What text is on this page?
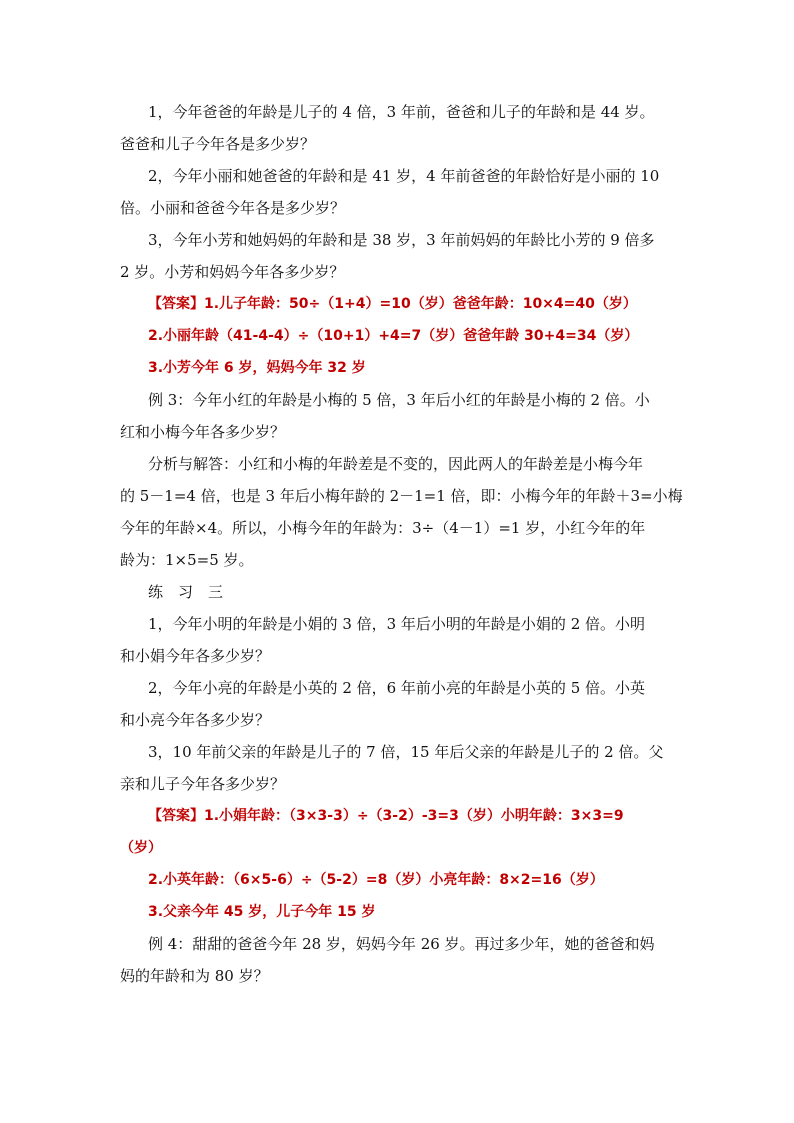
1，今年爸爸的年龄是儿子的 4 倍，3 年前，爸爸和儿子的年龄和是 44 岁。
爸爸和儿子今年各是多少岁？
2，今年小丽和她爸爸的年龄和是 41 岁，4 年前爸爸的年龄恰好是小丽的 10
倍。小丽和爸爸今年各是多少岁？
3，今年小芳和她妈妈的年龄和是 38 岁，3 年前妈妈的年龄比小芳的 9 倍多
2 岁。小芳和妈妈今年各多少岁？
【答案】1.儿子年龄：50÷（1+4）=10（岁）爸爸年龄：10×4=40（岁）
2.小丽年龄（41-4-4）÷（10+1）+4=7（岁）爸爸年龄 30+4=34（岁）
3.小芳今年 6 岁，妈妈今年 32 岁
例 3：今年小红的年龄是小梅的 5 倍，3 年后小红的年龄是小梅的 2 倍。小
红和小梅今年各多少岁？
分析与解答：小红和小梅的年龄差是不变的，因此两人的年龄差是小梅今年
的 5－1=4 倍，也是 3 年后小梅年龄的 2－1=1 倍，即：小梅今年的年龄＋3=小梅
今年的年龄×4。所以，小梅今年的年龄为：3÷（4－1）=1 岁，小红今年的年
龄为：1×5=5 岁。
练　习　三
1，今年小明的年龄是小娟的 3 倍，3 年后小明的年龄是小娟的 2 倍。小明
和小娟今年各多少岁？
2，今年小亮的年龄是小英的 2 倍，6 年前小亮的年龄是小英的 5 倍。小英
和小亮今年各多少岁？
3，10 年前父亲的年龄是儿子的 7 倍，15 年后父亲的年龄是儿子的 2 倍。父
亲和儿子今年各多少岁？
【答案】1.小娟年龄：（3×3-3）÷（3-2）-3=3（岁）小明年龄：3×3=9
（岁）
2.小英年龄：（6×5-6）÷（5-2）=8（岁）小亮年龄：8×2=16（岁）
3.父亲今年 45 岁，儿子今年 15 岁
例 4：甜甜的爸爸今年 28 岁，妈妈今年 26 岁。再过多少年，她的爸爸和妈
妈的年龄和为 80 岁？
